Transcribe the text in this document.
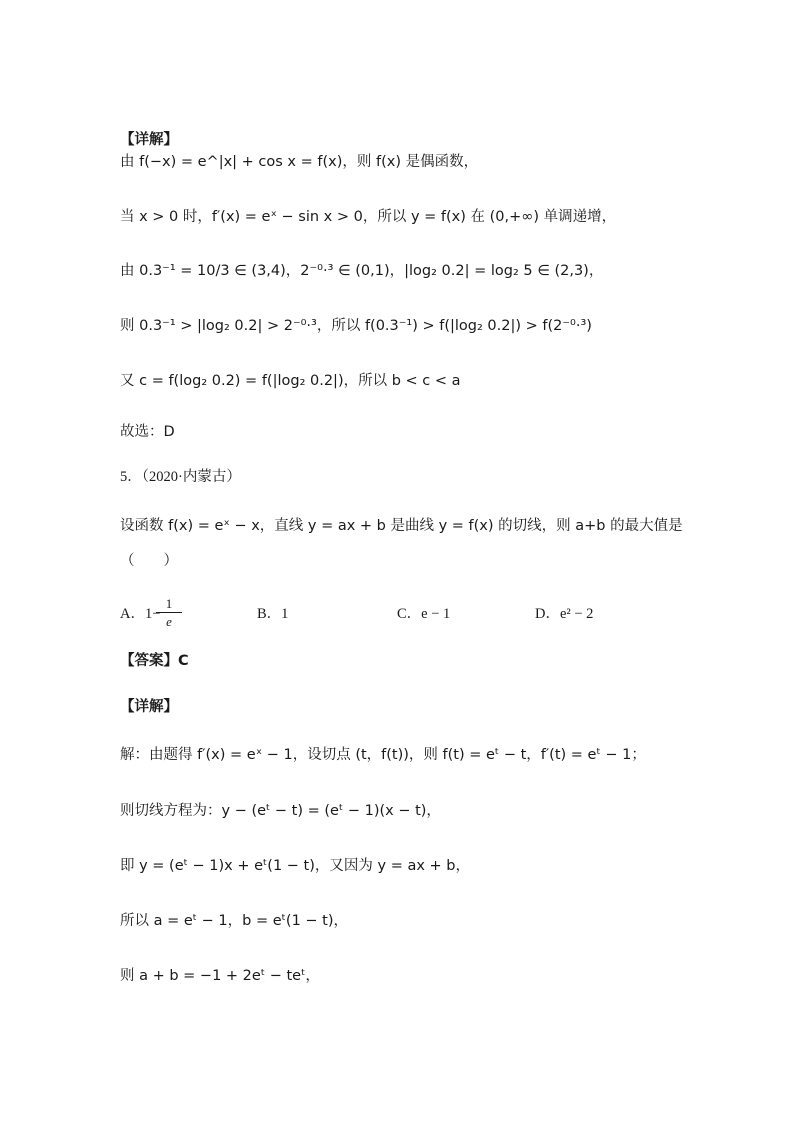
【详解】
由 f(−x) = e^|x| + cos x = f(x)，则 f(x) 是偶函数，
当 x > 0 时，f′(x) = eˣ − sin x > 0，所以 y = f(x) 在 (0,+∞) 单调递增，
由 0.3⁻¹ = 10/3 ∈ (3,4)，2⁻⁰·³ ∈ (0,1)，|log₂ 0.2| = log₂ 5 ∈ (2,3)，
则 0.3⁻¹ > |log₂ 0.2| > 2⁻⁰·³，所以 f(0.3⁻¹) > f(|log₂ 0.2|) > f(2⁻⁰·³)
又 c = f(log₂ 0.2) = f(|log₂ 0.2|)，所以 b < c < a
故选：D
5．（2020·内蒙古）
设函数 f(x) = eˣ − x，直线 y = ax + b 是曲线 y = f(x) 的切线，则 a+b 的最大值是
（　　）
A．1−
1
e	B．1	C．e − 1	D．e² − 2
【答案】C
【详解】
解：由题得 f′(x) = eˣ − 1，设切点 (t，f(t))，则 f(t) = eᵗ − t，f′(t) = eᵗ − 1；
则切线方程为：y − (eᵗ − t) = (eᵗ − 1)(x − t)，
即 y = (eᵗ − 1)x + eᵗ(1 − t)，又因为 y = ax + b，
所以 a = eᵗ − 1，b = eᵗ(1 − t)，
则 a + b = −1 + 2eᵗ − teᵗ，
